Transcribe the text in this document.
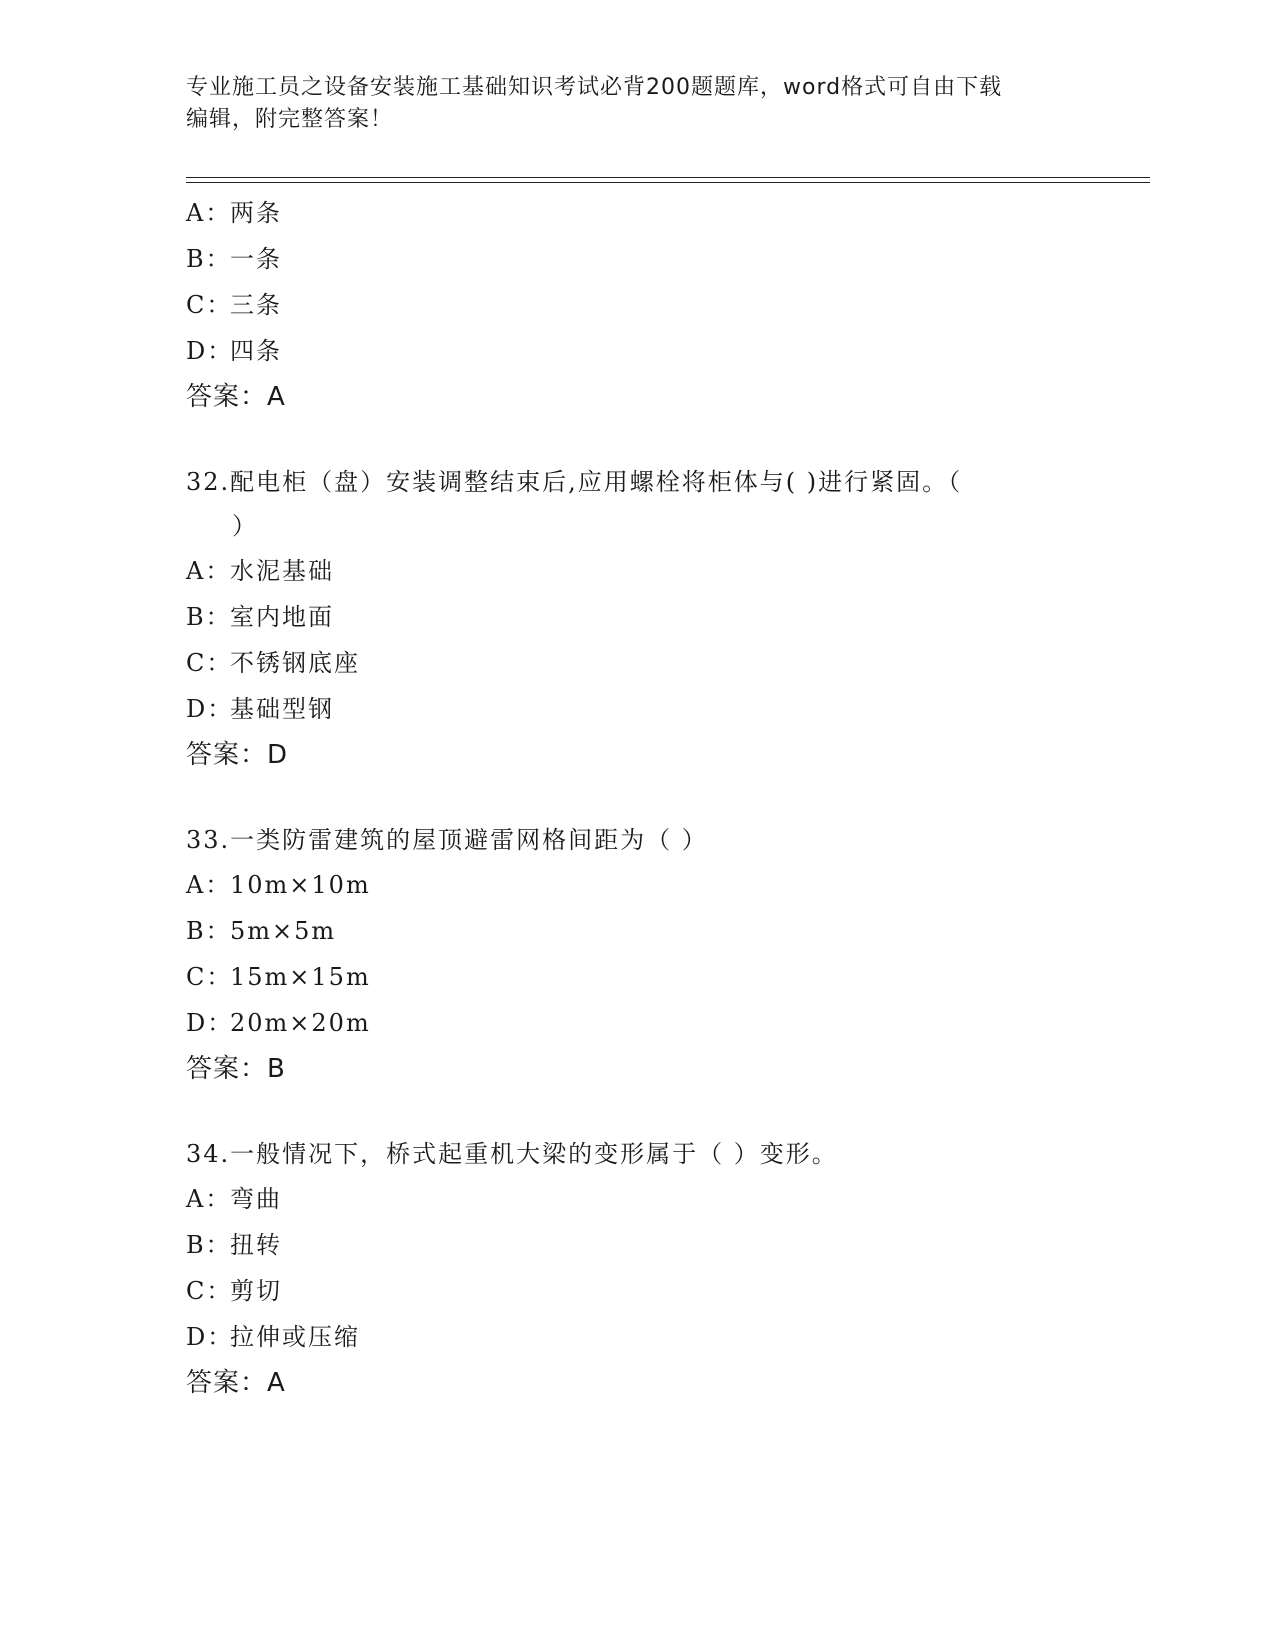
专业施工员之设备安装施工基础知识考试必背200题题库，word格式可自由下载
编辑，附完整答案！
A：两条
B：一条
C：三条
D：四条
答案：A
32.配电柜（盘）安装调整结束后,应用螺栓将柜体与( )进行紧固。（
）
A：水泥基础
B：室内地面
C：不锈钢底座
D：基础型钢
答案：D
33.一类防雷建筑的屋顶避雷网格间距为（ ）
A：10m×10m
B：5m×5m
C：15m×15m
D：20m×20m
答案：B
34.一般情况下，桥式起重机大梁的变形属于（ ）变形。
A：弯曲
B：扭转
C：剪切
D：拉伸或压缩
答案：A
